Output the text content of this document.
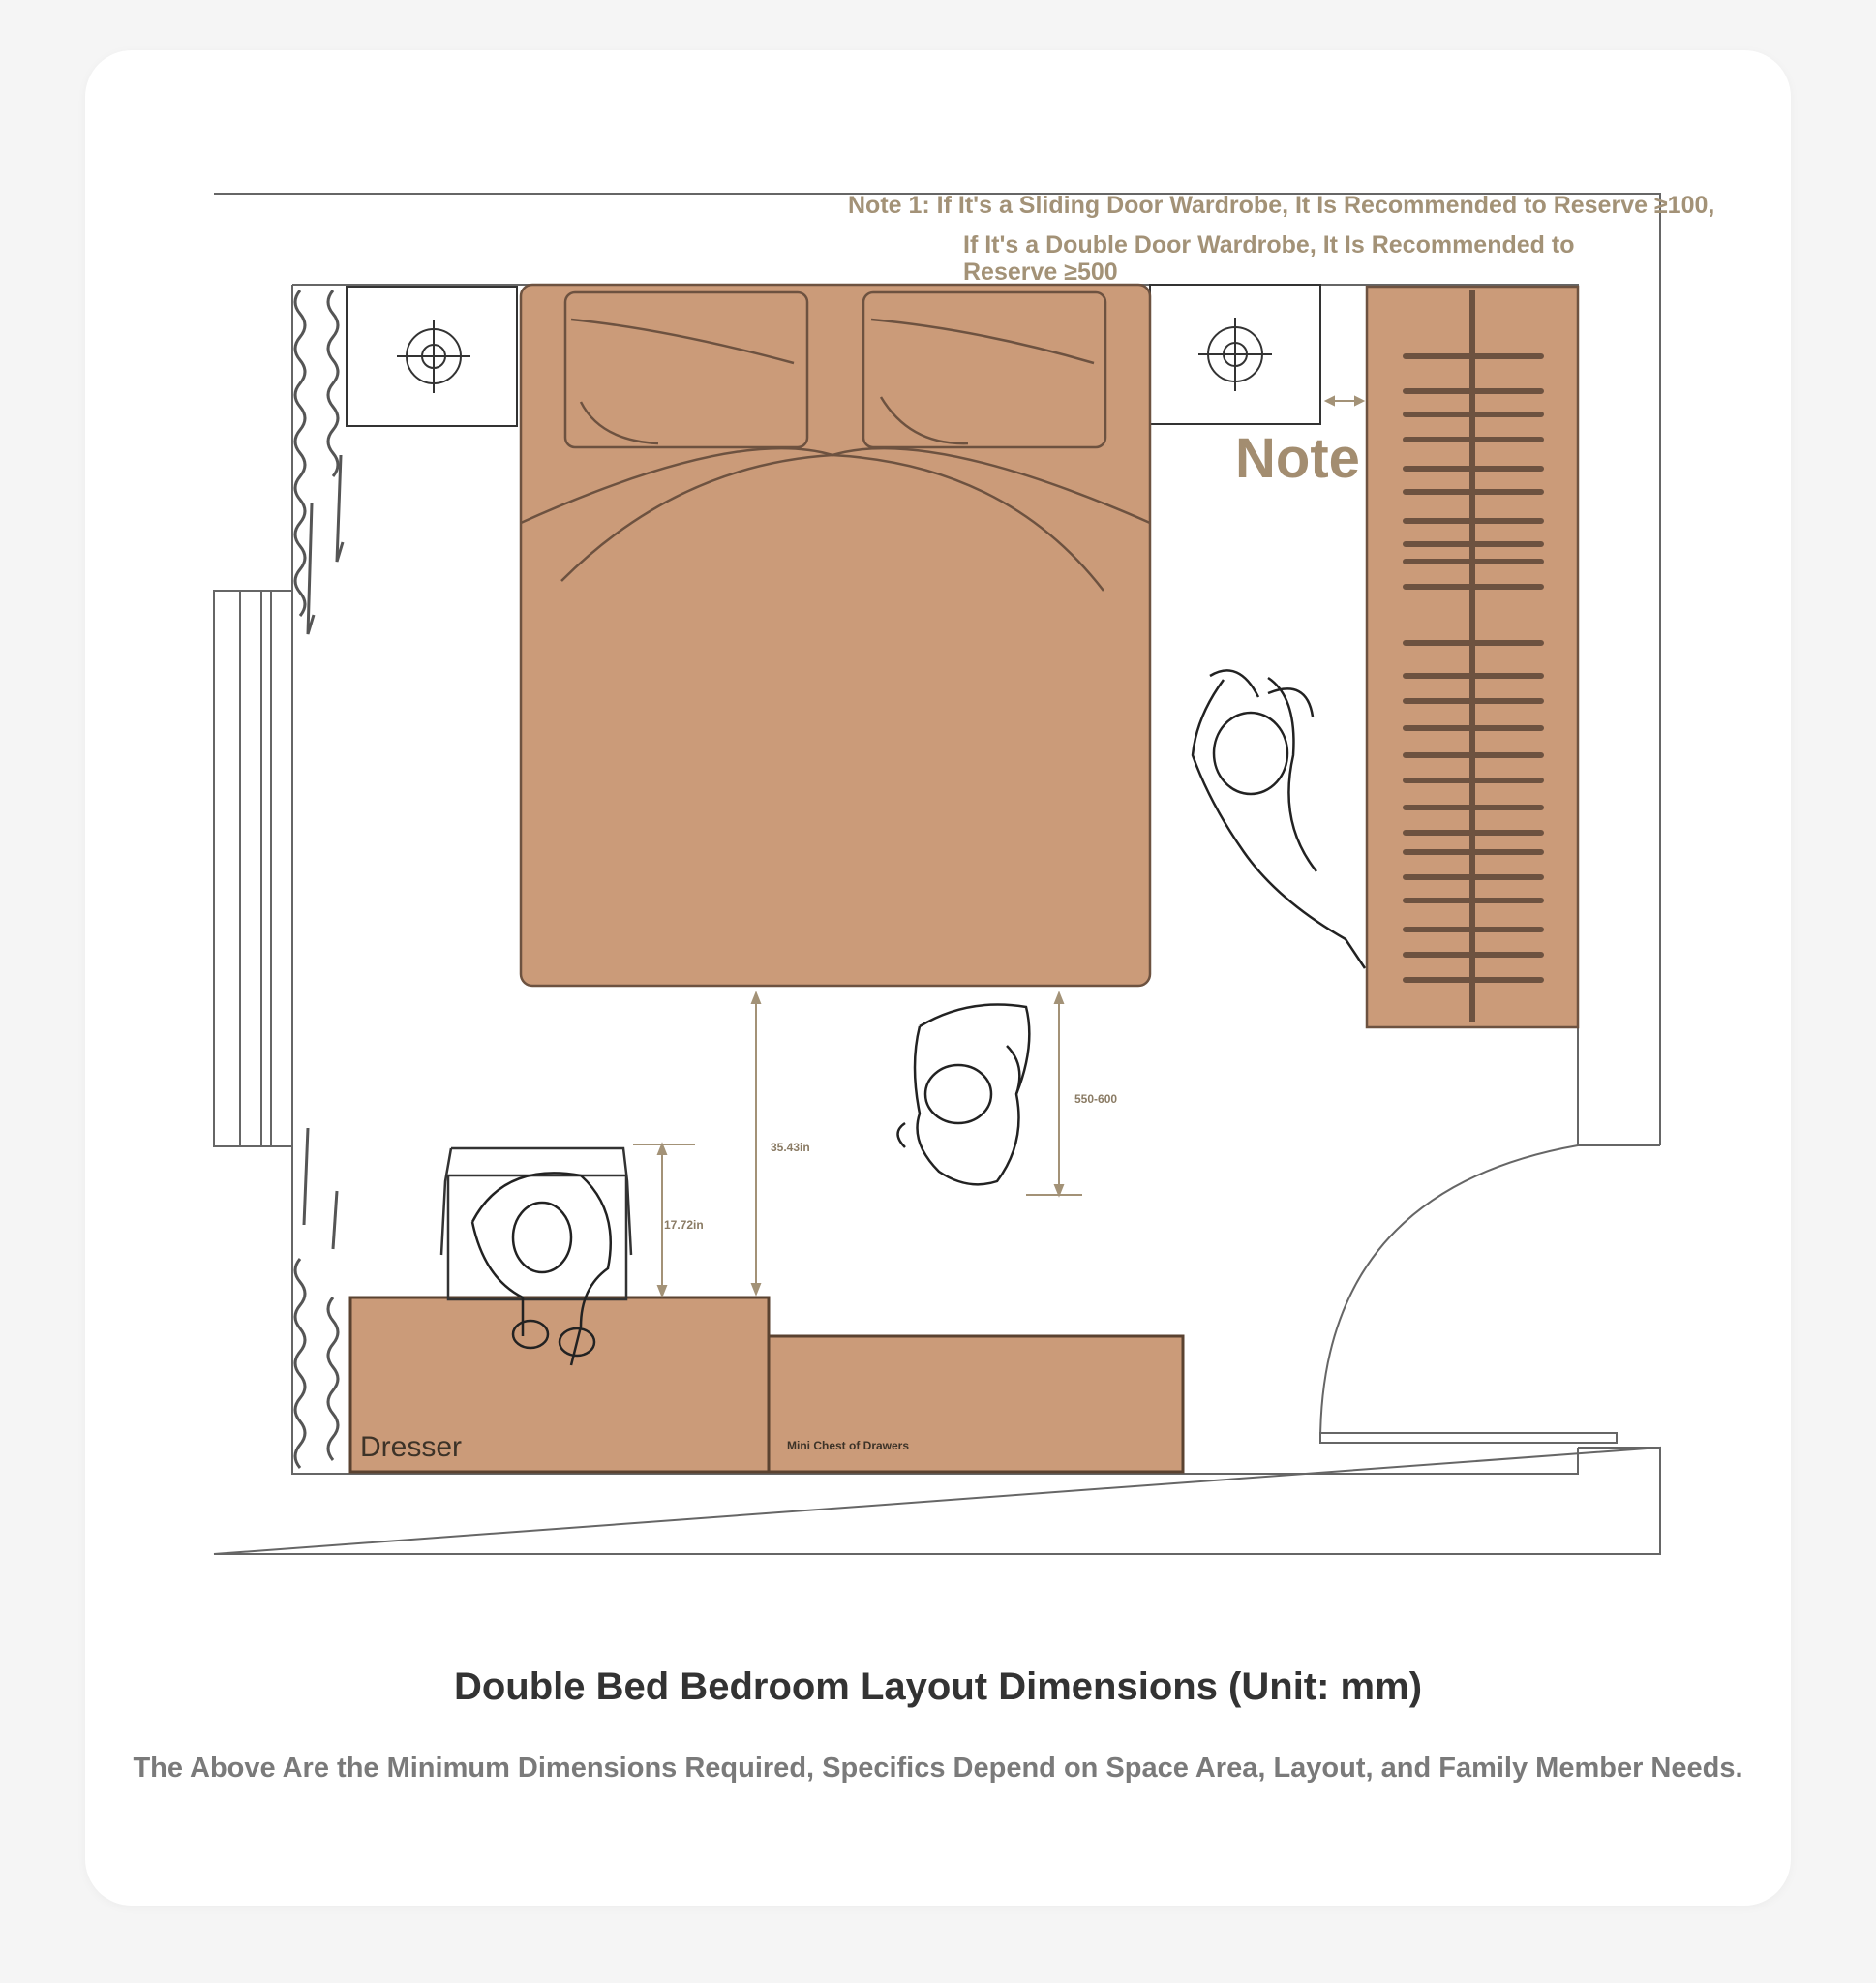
Note 1: If It's a Sliding Door Wardrobe, It Is Recommended to Reserve ≥100,
If It's a Double Door Wardrobe, It Is Recommended to
Reserve ≥500
Note
35.43in
17.72in
550-600
Dresser	Mini Chest of Drawers
Double Bed Bedroom Layout Dimensions (Unit: mm)
The Above Are the Minimum Dimensions Required, Specifics Depend on Space Area, Layout, and Family Member Needs.
